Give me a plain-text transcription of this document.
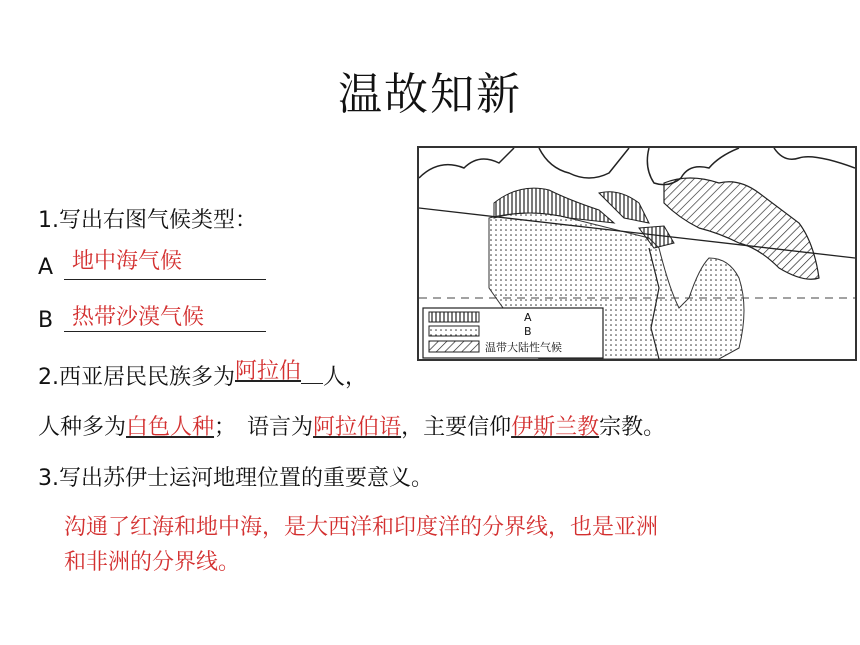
温故知新
1.写出右图气候类型：
A 地中海气候
B 热带沙漠气候
2.西亚居民民族多为阿拉伯 人，
人种多为白色人种；　语言为阿拉伯语，主要信仰伊斯兰教宗教。
3.写出苏伊士运河地理位置的重要意义。
沟通了红海和地中海，是大西洋和印度洋的分界线，也是亚洲
和非洲的分界线。
A
B
温带大陆性气候
